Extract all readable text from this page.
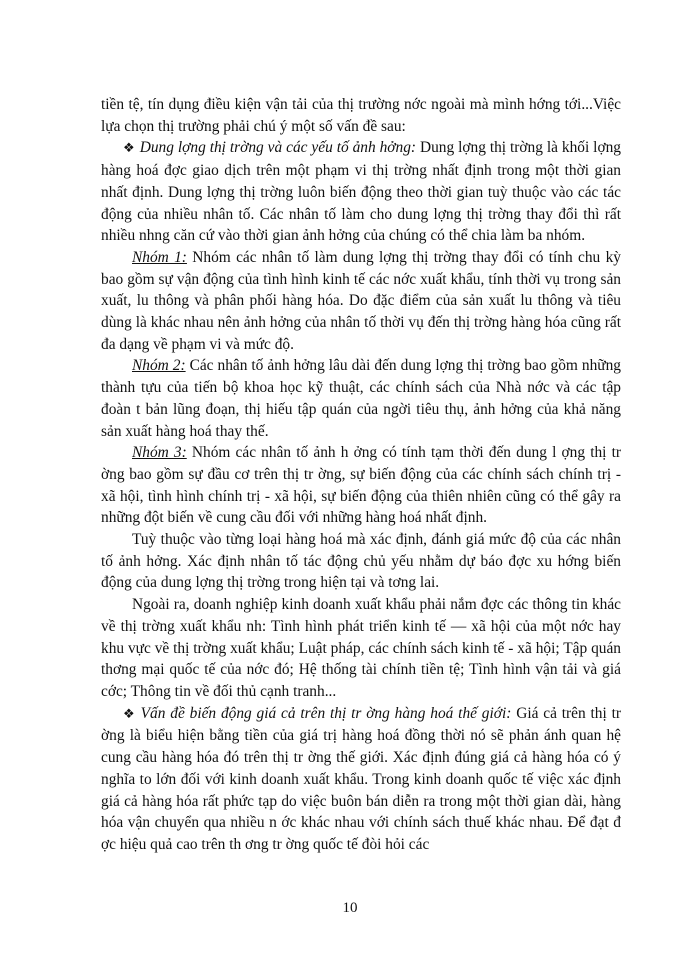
tiền tệ, tín dụng điều kiện vận tải của thị trường nớc ngoài mà mình hớng tới...Việc lựa chọn thị trường phải chú ý một số vấn đề sau:

❖ Dung lợng thị trờng và các yếu tố ảnh hởng: Dung lợng thị trờng là khối lợng hàng hoá đợc giao dịch trên một phạm vi thị trờng nhất định trong một thời gian nhất định. Dung lợng thị trờng luôn biến động theo thời gian tuỳ thuộc vào các tác động của nhiều nhân tố. Các nhân tố làm cho dung lợng thị trờng thay đổi thì rất nhiều nhng căn cứ vào thời gian ảnh hởng của chúng có thể chia làm ba nhóm.

Nhóm 1: Nhóm các nhân tố làm dung lợng thị trờng thay đổi có tính chu kỳ bao gồm sự vận động của tình hình kinh tế các nớc xuất khẩu, tính thời vụ trong sản xuất, lu thông và phân phối hàng hóa. Do đặc điểm của sản xuất lu thông và tiêu dùng là khác nhau nên ảnh hởng của nhân tố thời vụ đến thị trờng hàng hóa cũng rất đa dạng về phạm vi và mức độ.

Nhóm 2: Các nhân tố ảnh hởng lâu dài đến dung lợng thị trờng bao gồm những thành tựu của tiến bộ khoa học kỹ thuật, các chính sách của Nhà nớc và các tập đoàn t bản lũng đoạn, thị hiếu tập quán của ngời tiêu thụ, ảnh hởng của khả năng sản xuất hàng hoá thay thế.

Nhóm 3: Nhóm các nhân tố ảnh h ởng có tính tạm thời đến dung l ợng thị tr ờng bao gồm sự đầu cơ trên thị tr ờng, sự biến động của các chính sách chính trị - xã hội, tình hình chính trị - xã hội, sự biến động của thiên nhiên cũng có thể gây ra những đột biến về cung cầu đối với những hàng hoá nhất định.

Tuỳ thuộc vào từng loại hàng hoá mà xác định, đánh giá mức độ của các nhân tố ảnh hởng. Xác định nhân tố tác động chủ yếu nhằm dự báo đợc xu hớng biến động của dung lợng thị trờng trong hiện tại và tơng lai.

Ngoài ra, doanh nghiệp kinh doanh xuất khẩu phải nắm đợc các thông tin khác về thị trờng xuất khẩu nh: Tình hình phát triển kinh tế — xã hội của một nớc hay khu vực về thị trờng xuất khẩu; Luật pháp, các chính sách kinh tế - xã hội; Tập quán thơng mại quốc tế của nớc đó; Hệ thống tài chính tiền tệ; Tình hình vận tải và giá cớc; Thông tin về đối thủ cạnh tranh...

❖ Vấn đề biến động giá cả trên thị tr ờng hàng hoá thế giới: Giá cả trên thị tr ờng là biểu hiện bằng tiền của giá trị hàng hoá đồng thời nó sẽ phản ánh quan hệ cung cầu hàng hóa đó trên thị tr ờng thế giới. Xác định đúng giá cả hàng hóa có ý nghĩa to lớn đối với kinh doanh xuất khẩu. Trong kinh doanh quốc tế việc xác định giá cả hàng hóa rất phức tạp do việc buôn bán diễn ra trong một thời gian dài, hàng hóa vận chuyển qua nhiều n ớc khác nhau với chính sách thuế khác nhau. Để đạt đ ợc hiệu quả cao trên th ơng tr ờng quốc tế đòi hỏi các

10
